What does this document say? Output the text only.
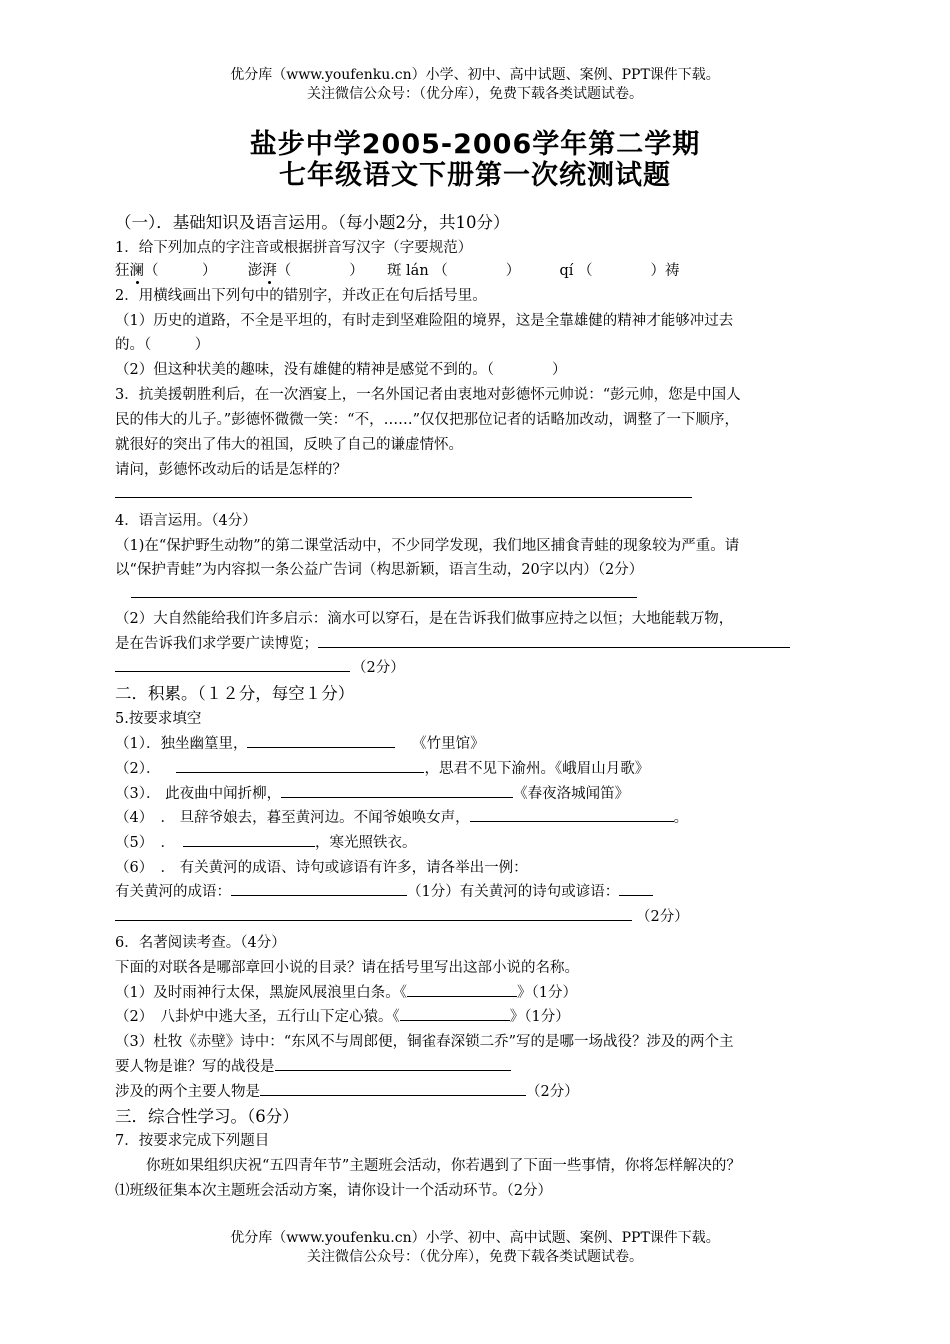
优分库（www.youfenku.cn）小学、初中、高中试题、案例、PPT课件下载。
关注微信公众号：（优分库），免费下载各类试题试卷。
盐步中学2005-2006学年第二学期
七年级语文下册第一次统测试题
（一）．基础知识及语言运用。（每小题2分，共10分）
1．给下列加点的字注音或根据拼音写汉字（字要规范）
狂澜（　　　） 澎湃（　　　　） 斑 lán （　　　　）	qí （　　　　）祷
2．用横线画出下列句中的错别字，并改正在句后括号里。
（1）历史的道路，不全是平坦的，有时走到坚难险阻的境界，这是全靠雄健的精神才能够冲过去
的。（　　　）
（2）但这种状美的趣味，没有雄健的精神是感觉不到的。（　　　　）
3．抗美援朝胜利后，在一次酒宴上，一名外国记者由衷地对彭德怀元帅说：“彭元帅，您是中国人
民的伟大的儿子。”彭德怀微微一笑：“不，……”仅仅把那位记者的话略加改动，调整了一下顺序，
就很好的突出了伟大的祖国，反映了自己的谦虚情怀。
请问，彭德怀改动后的话是怎样的？
4．语言运用。（4分）
（1)在“保护野生动物”的第二课堂活动中，不少同学发现，我们地区捕食青蛙的现象较为严重。请
以“保护青蛙”为内容拟一条公益广告词（构思新颖，语言生动，20字以内）（2分）
（2）大自然能给我们许多启示：滴水可以穿石，是在告诉我们做事应持之以恒；大地能载万物，
是在告诉我们求学要广读博览；
（2分）
二．积累。（１２分，每空１分）
5.按要求填空
（1）．独坐幽篁里，	《竹里馆》
（2）．	，思君不见下渝州。《峨眉山月歌》
（3）． 此夜曲中闻折柳，	《春夜洛城闻笛》
（4）　． 旦辞爷娘去，暮至黄河边。不闻爷娘唤女声，	。
（5）　．	，寒光照铁衣。
（6）　． 有关黄河的成语、诗句或谚语有许多，请各举出一例：
有关黄河的成语：	（1分）有关黄河的诗句或谚语：
（2分）
6．名著阅读考查。（4分）
下面的对联各是哪部章回小说的目录？请在括号里写出这部小说的名称。
（1）及时雨神行太保，黑旋风展浪里白条。《	》（1分）
（2）　八卦炉中逃大圣，五行山下定心猿。《	》（1分）
（3）杜牧《赤壁》诗中：“东风不与周郎便，铜雀春深锁二乔”写的是哪一场战役？涉及的两个主
要人物是谁？写的战役是
涉及的两个主要人物是	（2分）
三．综合性学习。（6分）
7．按要求完成下列题目
你班如果组织庆祝“五四青年节”主题班会活动，你若遇到了下面一些事情，你将怎样解决的？
⑴班级征集本次主题班会活动方案，请你设计一个活动环节。（2分）
优分库（www.youfenku.cn）小学、初中、高中试题、案例、PPT课件下载。
关注微信公众号：（优分库），免费下载各类试题试卷。
